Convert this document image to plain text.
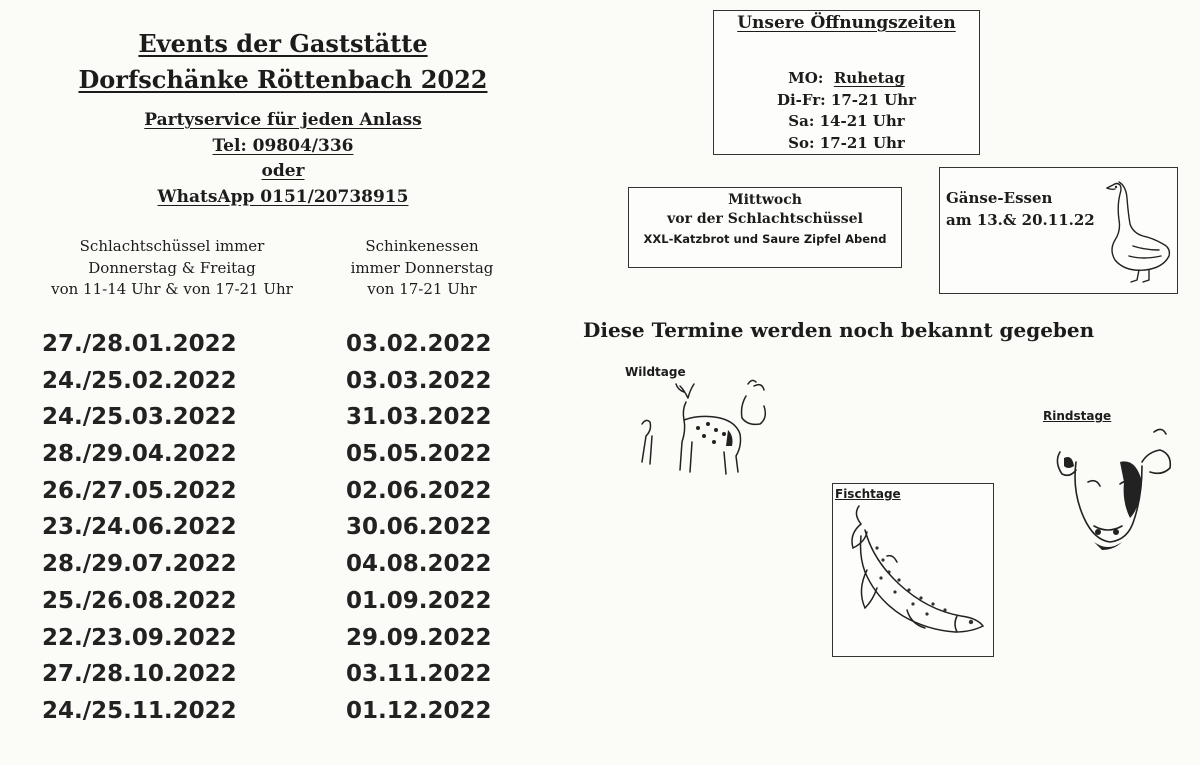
Events der Gaststätte
Dorfschänke Röttenbach 2022
Partyservice für jeden Anlass
Tel: 09804/336
oder
WhatsApp 0151/20738915
Schlachtschüssel immer
Donnerstag & Freitag
von 11-14 Uhr & von 17-21 Uhr
Schinkenessen
immer Donnerstag
von 17-21 Uhr
27./28.01.2022
24./25.02.2022
24./25.03.2022
28./29.04.2022
26./27.05.2022
23./24.06.2022
28./29.07.2022
25./26.08.2022
22./23.09.2022
27./28.10.2022
24./25.11.2022
03.02.2022
03.03.2022
31.03.2022
05.05.2022
02.06.2022
30.06.2022
04.08.2022
01.09.2022
29.09.2022
03.11.2022
01.12.2022
Unsere Öffnungszeiten
MO: Ruhetag
Di-Fr: 17-21 Uhr
Sa: 14-21 Uhr
So: 17-21 Uhr
Mittwoch
vor der Schlachtschüssel
XXL-Katzbrot und Saure Zipfel Abend
Gänse-Essen
am 13.& 20.11.22
Diese Termine werden noch bekannt gegeben
Wildtage
Fischtage
Rindstage
